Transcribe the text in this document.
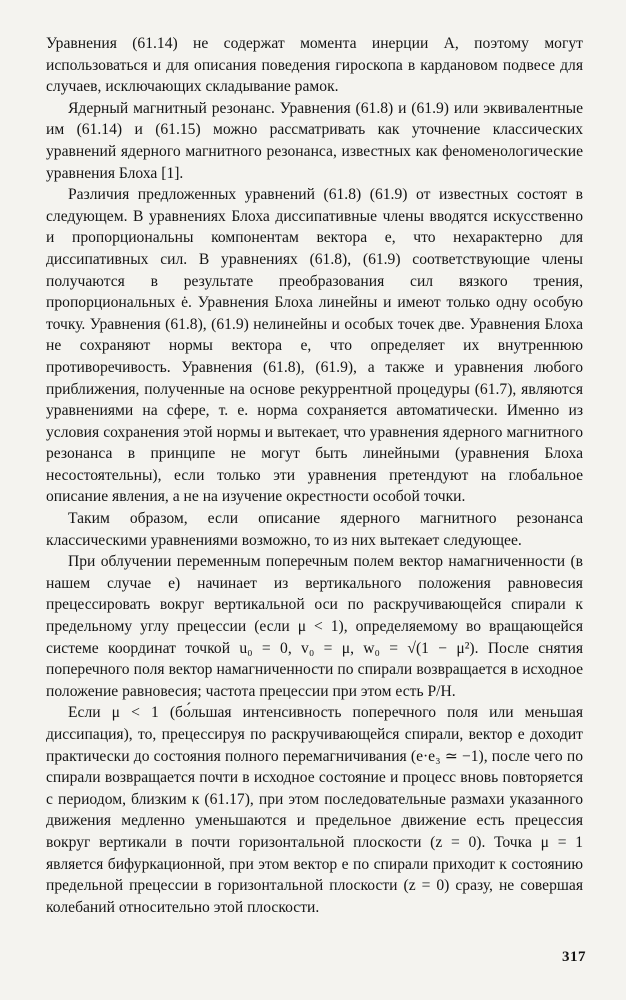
Уравнения (61.14) не содержат момента инерции A, поэтому могут использоваться и для описания поведения гироскопа в кардановом подвесе для случаев, исключающих складывание рамок.

Ядерный магнитный резонанс. Уравнения (61.8) и (61.9) или эквивалентные им (61.14) и (61.15) можно рассматривать как уточнение классических уравнений ядерного магнитного резонанса, известных как феноменологические уравнения Блоха [1].

Различия предложенных уравнений (61.8) (61.9) от известных состоят в следующем. В уравнениях Блоха диссипативные члены вводятся искусственно и пропорциональны компонентам вектора e, что нехарактерно для диссипативных сил. В уравнениях (61.8), (61.9) соответствующие члены получаются в результате преобразования сил вязкого трения, пропорциональных ė. Уравнения Блоха линейны и имеют только одну особую точку. Уравнения (61.8), (61.9) нелинейны и особых точек две. Уравнения Блоха не сохраняют нормы вектора e, что определяет их внутреннюю противоречивость. Уравнения (61.8), (61.9), а также и уравнения любого приближения, полученные на основе рекуррентной процедуры (61.7), являются уравнениями на сфере, т. е. норма сохраняется автоматически. Именно из условия сохранения этой нормы и вытекает, что уравнения ядерного магнитного резонанса в принципе не могут быть линейными (уравнения Блоха несостоятельны), если только эти уравнения претендуют на глобальное описание явления, а не на изучение окрестности особой точки.

Таким образом, если описание ядерного магнитного резонанса классическими уравнениями возможно, то из них вытекает следующее.

При облучении переменным поперечным полем вектор намагниченности (в нашем случае e) начинает из вертикального положения равновесия прецессировать вокруг вертикальной оси по раскручивающейся спирали к предельному углу прецессии (если μ < 1), определяемому во вращающейся системе координат точкой u₀ = 0, v₀ = μ, w₀ = √(1 − μ²). После снятия поперечного поля вектор намагниченности по спирали возвращается в исходное положение равновесия; частота прецессии при этом есть P/H.

Если μ < 1 (бо́льшая интенсивность поперечного поля или меньшая диссипация), то, прецессируя по раскручивающейся спирали, вектор e доходит практически до состояния полного перемагничивания (e·e₃ ≃ −1), после чего по спирали возвращается почти в исходное состояние и процесс вновь повторяется с периодом, близким к (61.17), при этом последовательные размахи указанного движения медленно уменьшаются и предельное движение есть прецессия вокруг вертикали в почти горизонтальной плоскости (z = 0). Точка μ = 1 является бифуркационной, при этом вектор e по спирали приходит к состоянию предельной прецессии в горизонтальной плоскости (z = 0) сразу, не совершая колебаний относительно этой плоскости.

317
